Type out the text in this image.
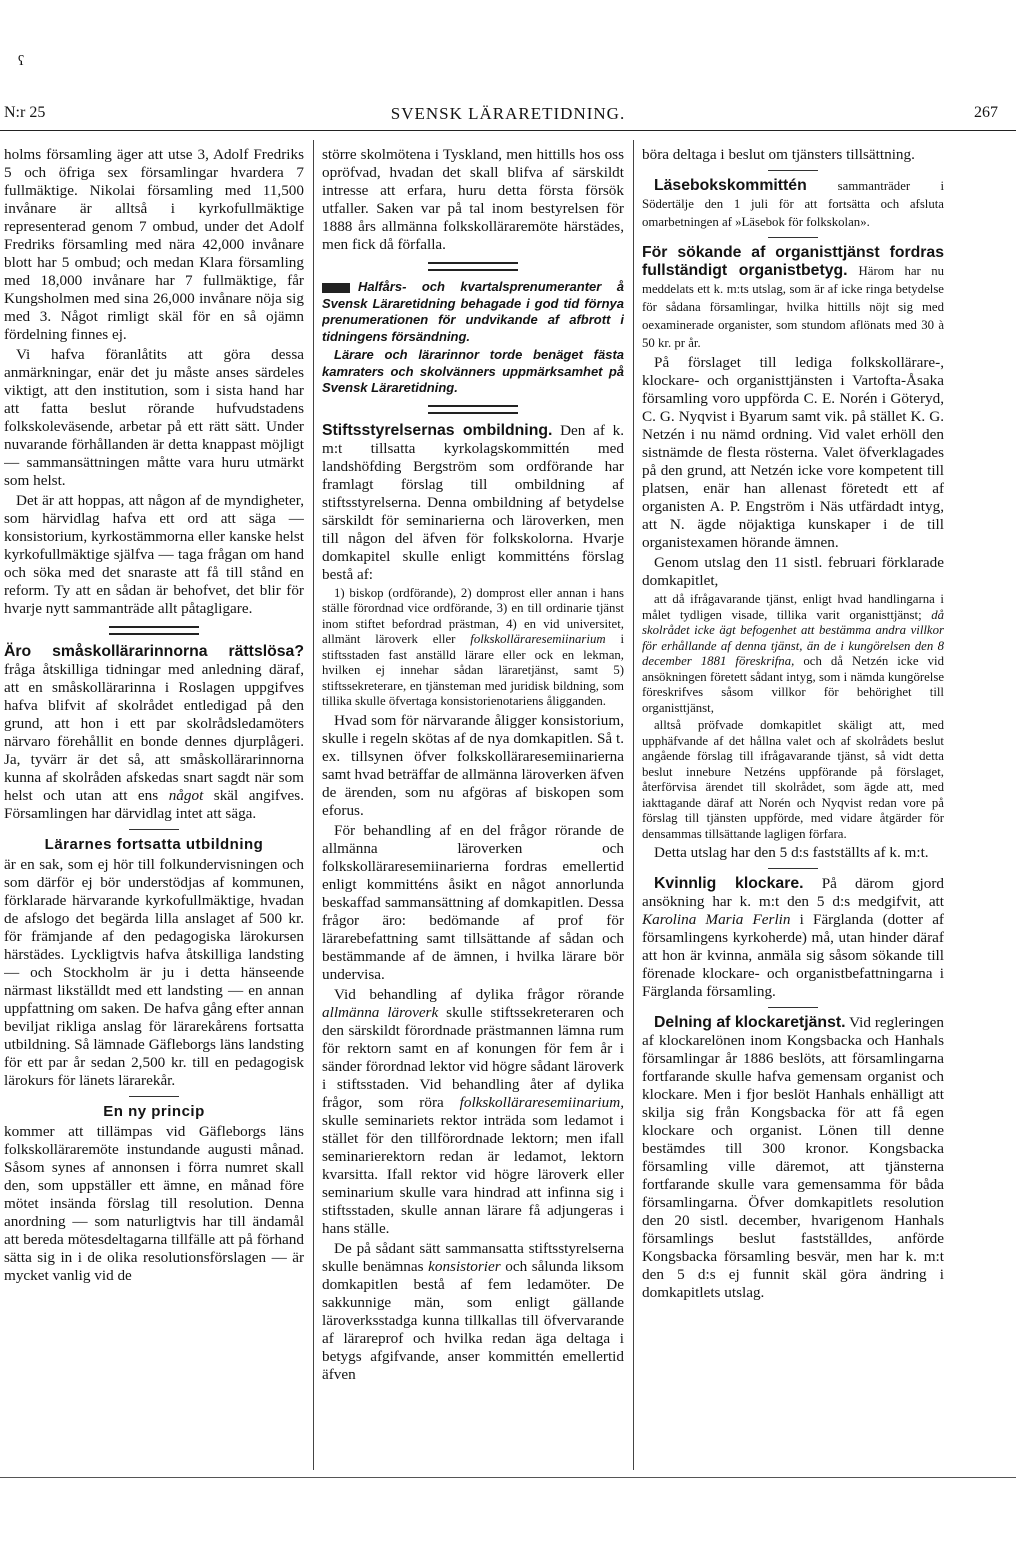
ʕ
N:r 25	SVENSK LÄRARETIDNING.	267

holms församling äger att utse 3, Adolf Fredriks 5 och öfriga sex församlingar hvardera 7 fullmäktige. Nikolai församling med 11,500 invånare är alltså i kyrkofullmäktige representerad genom 7 ombud, under det Adolf Fredriks församling med nära 42,000 invånare blott har 5 ombud; och medan Klara församling med 18,000 invånare har 7 fullmäktige, får Kungsholmen med sina 26,000 invånare nöja sig med 3. Något rimligt skäl för en så ojämn fördelning finnes ej.

Vi hafva föranlåtits att göra dessa anmärkningar, enär det ju måste anses särdeles viktigt, att den institution, som i sista hand har att fatta beslut rörande hufvudstadens folkskoleväsende, arbetar på ett rätt sätt. Under nuvarande förhållanden är detta knappast möjligt — sammansättningen måtte vara huru utmärkt som helst.

Det är att hoppas, att någon af de myndigheter, som härvidlag hafva ett ord att säga — konsistorium, kyrkostämmorna eller kanske helst kyrkofullmäktige själfva — taga frågan om hand och söka med det snaraste att få till stånd en reform. Ty att en sådan är behofvet, det blir för hvarje nytt sammanträde allt påtagligare.

Äro småskollärarinnorna rättslösa? fråga åtskilliga tidningar med anledning däraf, att en småskollärarinna i Roslagen uppgifves hafva blifvit af skolrådet entledigad på den grund, att hon i ett par skolrådsledamöters närvaro förehållit en bonde dennes djurplågeri. Ja, tyvärr är det så, att småskollärarinnorna kunna af skolråden afskedas snart sagdt när som helst och utan att ens något skäl angifves. Församlingen har därvidlag intet att säga.

Lärarnes fortsatta utbildning

är en sak, som ej hör till folkundervisningen och som därför ej bör understödjas af kommunen, förklarade härvarande kyrkofullmäktige, hvadan de afslogo det begärda lilla anslaget af 500 kr. för främjande af den pedagogiska lärokursen härstädes. Lyckligtvis hafva åtskilliga landsting — och Stockholm är ju i detta hänseende närmast likställdt med ett landsting — en annan uppfattning om saken. De hafva gång efter annan beviljat rikliga anslag för lärarekårens fortsatta utbildning. Så lämnade Gäfleborgs läns landsting för ett par år sedan 2,500 kr. till en pedagogisk lärokurs för länets lärarekår.

En ny princip

kommer att tillämpas vid Gäfleborgs läns folkskolläraremöte instundande augusti månad. Såsom synes af annonsen i förra numret skall den, som uppställer ett ämne, en månad före mötet insända förslag till resolution. Denna anordning — som naturligtvis har till ändamål att bereda mötesdeltagarna tillfälle att på förhand sätta sig in i de olika resolutionsförslagen — är mycket vanlig vid de

större skolmötena i Tyskland, men hittills hos oss opröfvad, hvadan det skall blifva af särskildt intresse att erfara, huru detta första försök utfaller. Saken var på tal inom bestyrelsen för 1888 års allmänna folkskolläraremöte härstädes, men fick då förfalla.

Halfårs- och kvartalsprenumeranter å Svensk Läraretidning behagade i god tid förnya prenumerationen för undvikande af afbrott i tidningens försändning.

Lärare och lärarinnor torde benäget fästa kamraters och skolvänners uppmärksamhet på Svensk Läraretidning.

Stiftsstyrelsernas ombildning. Den af k. m:t tillsatta kyrkolagskommittén med landshöfding Bergström som ordförande har framlagt förslag till ombildning af stiftsstyrelserna. Denna ombildning af betydelse särskildt för seminarierna och läroverken, men till någon del äfven för folkskolorna. Hvarje domkapitel skulle enligt kommitténs förslag bestå af:

1) biskop (ordförande), 2) domprost eller annan i hans ställe förordnad vice ordförande, 3) en till ordinarie tjänst inom stiftet befordrad prästman, 4) en vid universitet, allmänt läroverk eller folkskolläraresemiinarium i stiftsstaden fast anställd lärare eller ock en lekman, hvilken ej innehar sådan läraretjänst, samt 5) stiftssekreterare, en tjänsteman med juridisk bildning, som tillika skulle öfvertaga konsistorienotariens åligganden.

Hvad som för närvarande åligger konsistorium, skulle i regeln skötas af de nya domkapitlen. Så t. ex. tillsynen öfver folkskolläraresemiinarierna samt hvad beträffar de allmänna läroverken äfven de ärenden, som nu afgöras af biskopen som eforus.

För behandling af en del frågor rörande de allmänna läroverken och folkskolläraresemiinarierna fordras emellertid enligt kommitténs åsikt en något annorlunda beskaffad sammansättning af domkapitlen. Dessa frågor äro: bedömande af prof för lärarebefattning samt tillsättande af sådan och bestämmande af de ämnen, i hvilka lärare bör undervisa.

Vid behandling af dylika frågor rörande allmänna läroverk skulle stiftssekreteraren och den särskildt förordnade prästmannen lämna rum för rektorn samt en af konungen för fem år i sänder förordnad lektor vid högre sådant läroverk i stiftsstaden. Vid behandling åter af dylika frågor, som röra folkskolläraresemiinarium, skulle seminariets rektor inträda som ledamot i stället för den tillförordnade lektorn; men ifall seminarierektorn redan är ledamot, lektorn kvarsitta. Ifall rektor vid högre läroverk eller seminarium skulle vara hindrad att infinna sig i stiftsstaden, skulle annan lärare få adjungeras i hans ställe.

De på sådant sätt sammansatta stiftsstyrelserna skulle benämnas konsistorier och sålunda liksom domkapitlen bestå af fem ledamöter. De sakkunnige män, som enligt gällande läroverksstadga kunna tillkallas till öfvervarande af lärareprof och hvilka redan äga deltaga i betygs afgifvande, anser kommittén emellertid äfven

böra deltaga i beslut om tjänsters tillsättning.

Läsebokskommittén sammanträder i Södertälje den 1 juli för att fortsätta och afsluta omarbetningen af »Läsebok för folkskolan».

För sökande af organisttjänst fordras fullständigt organistbetyg. Härom har nu meddelats ett k. m:ts utslag, som är af icke ringa betydelse för sådana församlingar, hvilka hittills nöjt sig med oexaminerade organister, som stundom aflönats med 30 à 50 kr. pr år.

På förslaget till lediga folkskollärare-, klockare- och organisttjänsten i Vartofta-Åsaka församling voro uppförda C. E. Norén i Göteryd, C. G. Nyqvist i Byarum samt vik. på stället K. G. Netzén i nu nämd ordning. Vid valet erhöll den sistnämde de flesta rösterna. Valet öfverklagades på den grund, att Netzén icke vore kompetent till platsen, enär han allenast företedt ett af organisten A. P. Engström i Näs utfärdadt intyg, att N. ägde nöjaktiga kunskaper i de till organistexamen hörande ämnen.

Genom utslag den 11 sistl. februari förklarade domkapitlet,

att då ifrågavarande tjänst, enligt hvad handlingarna i målet tydligen visade, tillika varit organisttjänst; då skolrådet icke ägt befogenhet att bestämma andra villkor för erhållande af denna tjänst, än de i kungörelsen den 8 december 1881 föreskrifna, och då Netzén icke vid ansökningen företett sådant intyg, som i nämda kungörelse föreskrifves såsom villkor för behörighet till organisttjänst,

alltså pröfvade domkapitlet skäligt att, med upphäfvande af det hållna valet och af skolrådets beslut angående förslag till ifrågavarande tjänst, så vidt detta beslut innebure Netzéns uppförande på förslaget, återförvisa ärendet till skolrådet, som ägde att, med iakttagande däraf att Norén och Nyqvist redan vore på förslag till tjänsten uppförde, med vidare åtgärder för densammas tillsättande lagligen förfara.

Detta utslag har den 5 d:s fastställts af k. m:t.

Kvinnlig klockare. På därom gjord ansökning har k. m:t den 5 d:s medgifvit, att Karolina Maria Ferlin i Färglanda (dotter af församlingens kyrkoherde) må, utan hinder däraf att hon är kvinna, anmäla sig såsom sökande till förenade klockare- och organistbefattningarna i Färglanda församling.

Delning af klockaretjänst. Vid regleringen af klockarelönen inom Kongsbacka och Hanhals församlingar år 1886 beslöts, att församlingarna fortfarande skulle hafva gemensam organist och klockare. Men i fjor beslöt Hanhals enhälligt att skilja sig från Kongsbacka för att få egen klockare och organist. Lönen till denne bestämdes till 300 kronor. Kongsbacka församling ville däremot, att tjänsterna fortfarande skulle vara gemensamma för båda församlingarna. Öfver domkapitlets resolution den 20 sistl. december, hvarigenom Hanhals församlings beslut fastställdes, anförde Kongsbacka församling besvär, men har k. m:t den 5 d:s ej funnit skäl göra ändring i domkapitlets utslag.
